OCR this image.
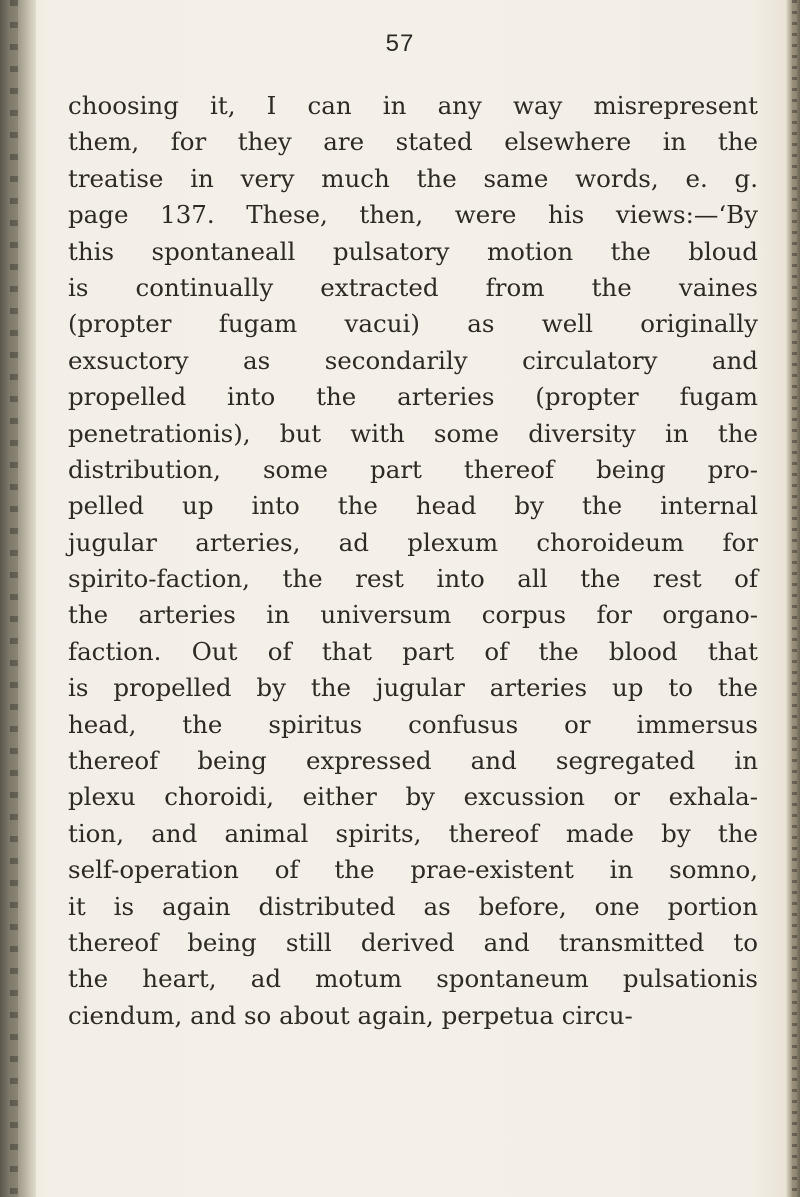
57
choosing it, I can in any way misrepresent
them, for they are stated elsewhere in the
treatise in very much the same words, e. g.
page 137. These, then, were his views:—‘By
this spontaneall pulsatory motion the bloud
is continually extracted from the vaines
(propter fugam vacui) as well originally
exsuctory as secondarily circulatory and
propelled into the arteries (propter fugam
penetrationis), but with some diversity in the
distribution, some part thereof being pro-
pelled up into the head by the internal
jugular arteries, ad plexum choroideum for
spirito-faction, the rest into all the rest of
the arteries in universum corpus for organo-
faction. Out of that part of the blood that
is propelled by the jugular arteries up to the
head, the spiritus confusus or immersus
thereof being expressed and segregated in
plexu choroidi, either by excussion or exhala-
tion, and animal spirits, thereof made by the
self-operation of the prae-existent in somno,
it is again distributed as before, one portion
thereof being still derived and transmitted to
the heart, ad motum spontaneum pulsationis
ciendum, and so about again, perpetua circu-
